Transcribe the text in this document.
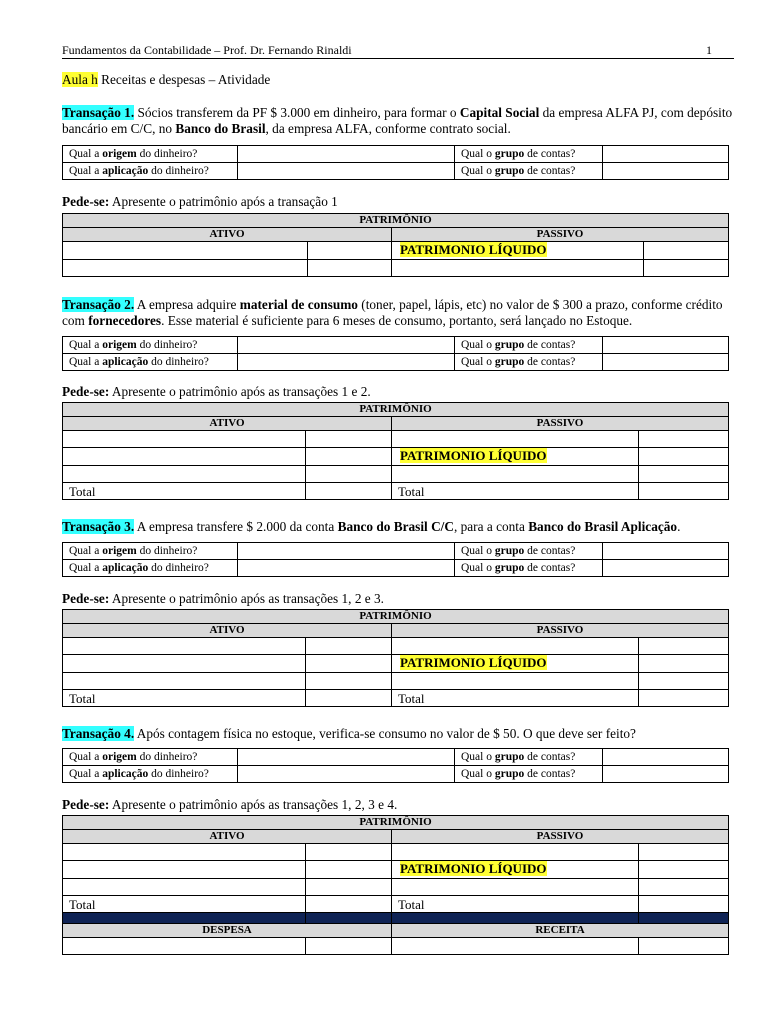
Fundamentos da Contabilidade – Prof. Dr. Fernando Rinaldi	1
Aula h Receitas e despesas – Atividade
Transação 1. Sócios transferem da PF $ 3.000 em dinheiro, para formar o Capital Social da empresa ALFA PJ, com depósito bancário em C/C, no Banco do Brasil, da empresa ALFA, conforme contrato social.
Qual a origem do dinheiro?		Qual o grupo de contas?	
Qual a aplicação do dinheiro?		Qual o grupo de contas?	
Pede-se: Apresente o patrimônio após a transação 1
PATRIMÔNIO			
ATIVO		PASSIVO	
		PATRIMONIO LÍQUIDO	

Transação 2. A empresa adquire material de consumo (toner, papel, lápis, etc) no valor de $ 300 a prazo, conforme crédito com fornecedores. Esse material é suficiente para 6 meses de consumo, portanto, será lançado no Estoque.
Qual a origem do dinheiro?		Qual o grupo de contas?	
Qual a aplicação do dinheiro?		Qual o grupo de contas?	
Pede-se: Apresente o patrimônio após as transações 1 e 2.
PATRIMÔNIO			
ATIVO		PASSIVO	

		PATRIMONIO LÍQUIDO	

Total		Total	
Transação 3. A empresa transfere $ 2.000 da conta Banco do Brasil C/C, para a conta Banco do Brasil Aplicação.
Qual a origem do dinheiro?		Qual o grupo de contas?	
Qual a aplicação do dinheiro?		Qual o grupo de contas?	
Pede-se: Apresente o patrimônio após as transações 1, 2 e 3.
PATRIMÔNIO			
ATIVO		PASSIVO	

		PATRIMONIO LÍQUIDO	

Total		Total	
Transação 4. Após contagem física no estoque, verifica-se consumo no valor de $ 50. O que deve ser feito?
Qual a origem do dinheiro?		Qual o grupo de contas?	
Qual a aplicação do dinheiro?		Qual o grupo de contas?	
Pede-se: Apresente o patrimônio após as transações 1, 2, 3 e 4.
PATRIMÔNIO			
ATIVO		PASSIVO	

		PATRIMONIO LÍQUIDO	

Total		Total	

DESPESA		RECEITA	
